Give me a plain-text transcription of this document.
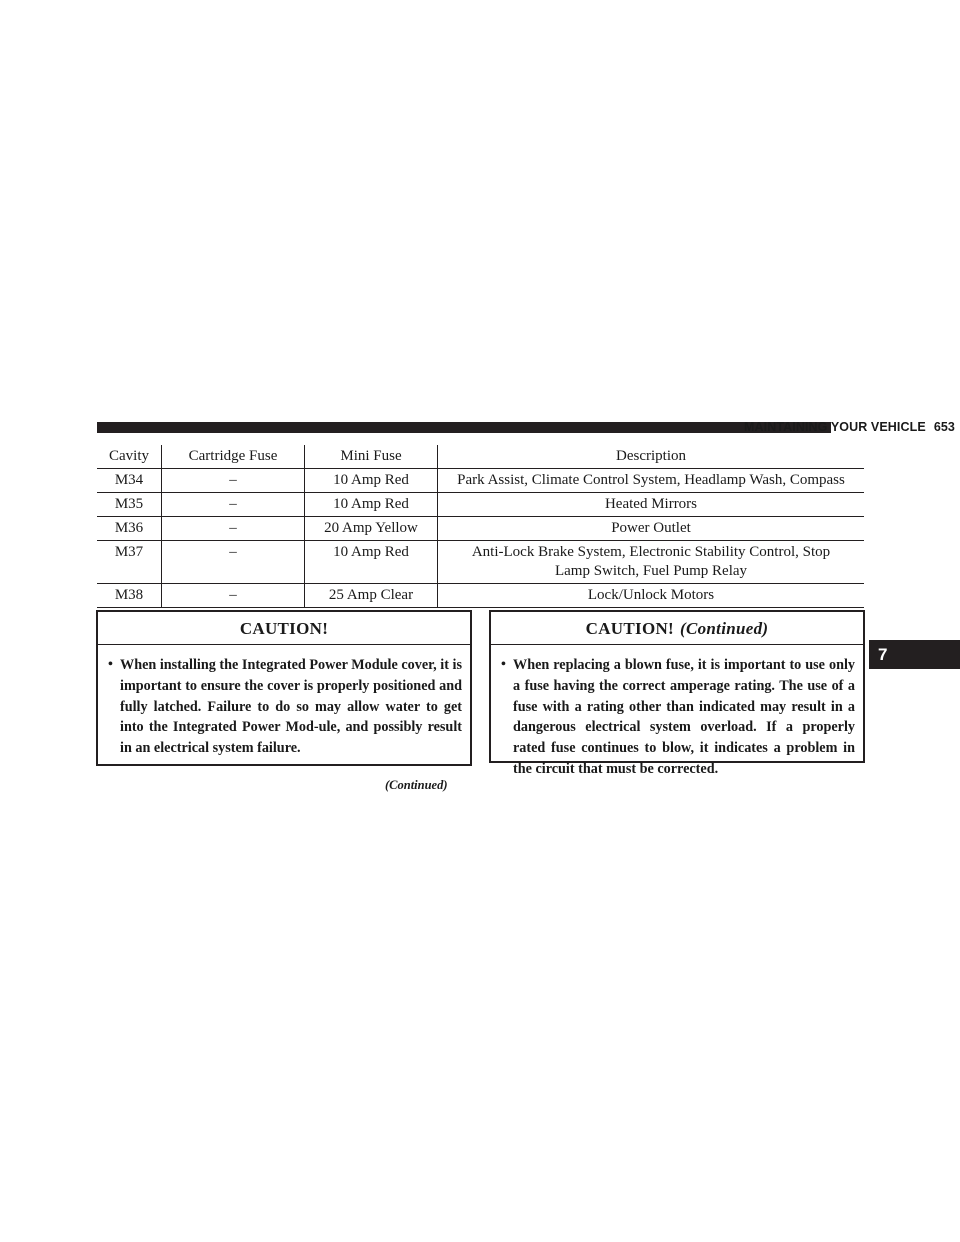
MAINTAINING YOUR VEHICLE 653
Cavity	Cartridge Fuse	Mini Fuse	Description
M34	–	10 Amp Red	Park Assist, Climate Control System, Headlamp Wash, Compass
M35	–	10 Amp Red	Heated Mirrors
M36	–	20 Amp Yellow	Power Outlet
M37	–	10 Amp Red	Anti-Lock Brake System, Electronic Stability Control, Stop Lamp Switch, Fuel Pump Relay
M38	–	25 Amp Clear	Lock/Unlock Motors
CAUTION!
• When installing the Integrated Power Module cover, it is important to ensure the cover is properly positioned and fully latched. Failure to do so may allow water to get into the Integrated Power Mod-ule, and possibly result in an electrical system failure.
(Continued)
CAUTION! (Continued)
• When replacing a blown fuse, it is important to use only a fuse having the correct amperage rating. The use of a fuse with a rating other than indicated may result in a dangerous electrical system overload. If a properly rated fuse continues to blow, it indicates a problem in the circuit that must be corrected.
7
